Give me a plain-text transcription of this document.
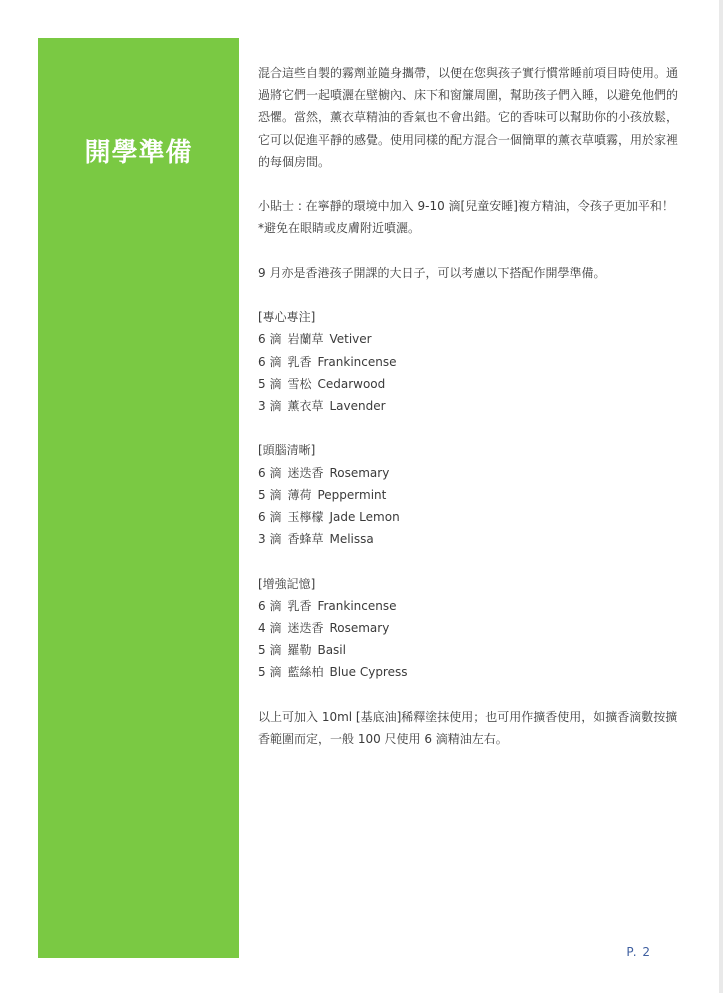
開學準備

混合這些自製的霧劑並隨身攜帶，以便在您與孩子實行慣常睡前項目時使用。通過將它們一起噴灑在壁櫥內、床下和窗簾周圍，幫助孩子們入睡，以避免他們的恐懼。當然，薰衣草精油的香氣也不會出錯。它的香味可以幫助你的小孩放鬆，它可以促進平靜的感覺。使用同樣的配方混合一個簡單的薰衣草噴霧，用於家裡的每個房間。

小貼士 : 在寧靜的環境中加入 9-10 滴[兒童安睡]複方精油，令孩子更加平和！
*避免在眼睛或皮膚附近噴灑。

9 月亦是香港孩子開課的大日子，可以考慮以下搭配作開學準備。

[專心專注]
6 滴 岩蘭草 Vetiver
6 滴 乳香 Frankincense
5 滴 雪松 Cedarwood
3 滴 薰衣草 Lavender
[頭腦清晰]
6 滴 迷迭香 Rosemary
5 滴 薄荷 Peppermint
6 滴 玉檸檬 Jade Lemon
3 滴 香蜂草 Melissa
[增強記憶]
6 滴 乳香 Frankincense
4 滴 迷迭香 Rosemary
5 滴 羅勒 Basil
5 滴 藍絲柏 Blue Cypress

以上可加入 10ml [基底油]稀釋塗抹使用；也可用作擴香使用，如擴香滴數按擴香範圍而定，一般 100 尺使用 6 滴精油左右。

P. 2
